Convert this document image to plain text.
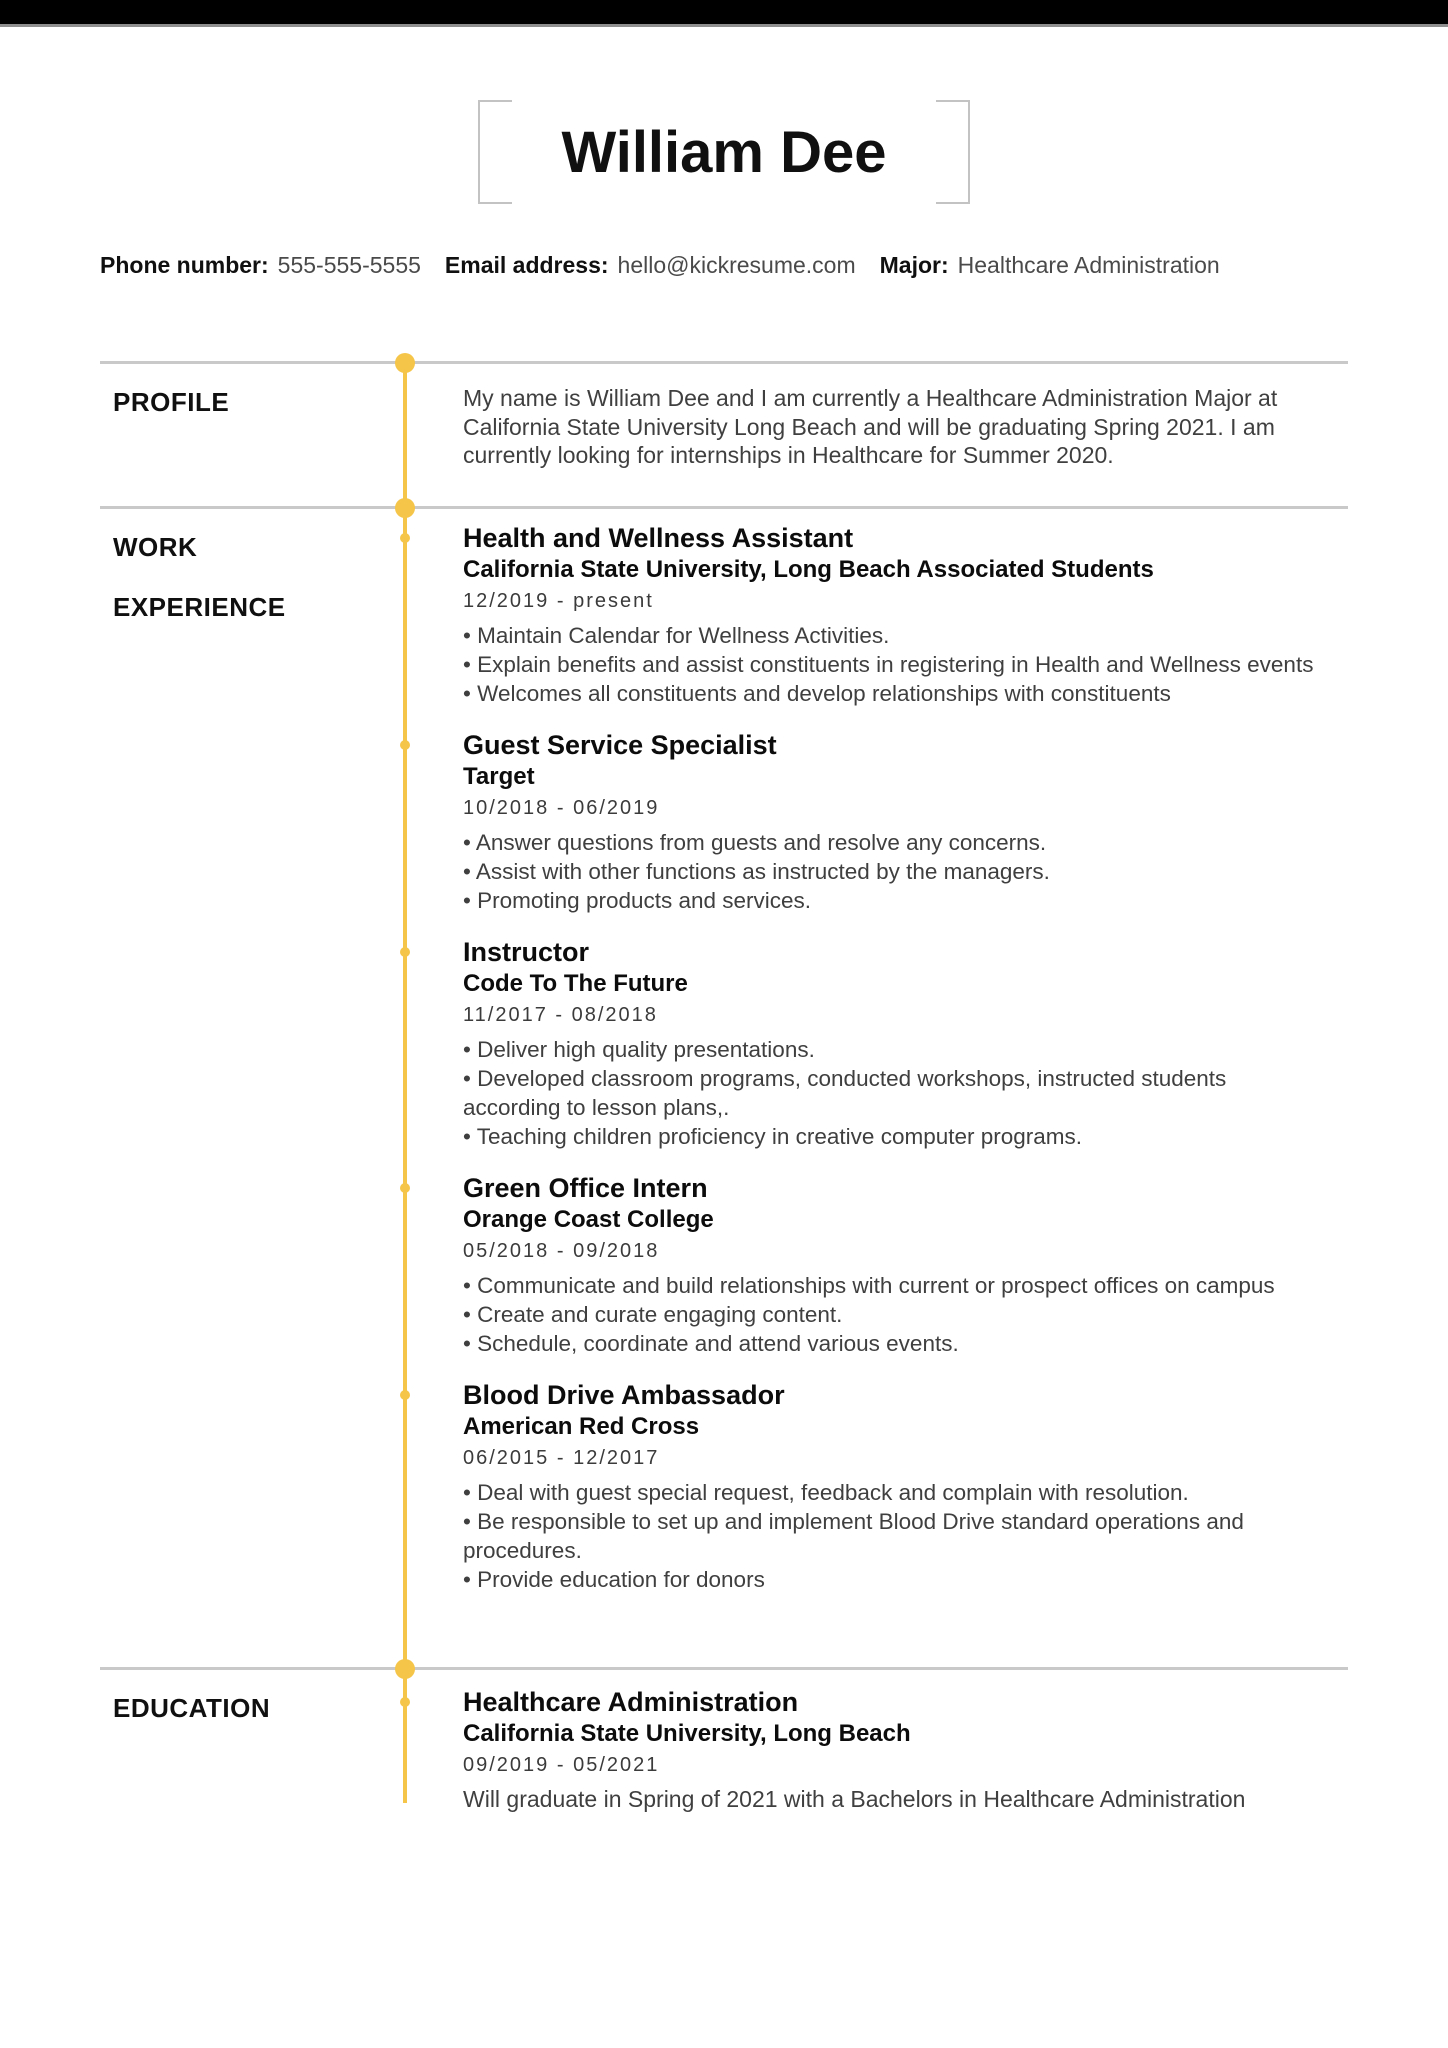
William Dee
Phone number: 555-555-5555 Email address: hello@kickresume.com Major: Healthcare Administration
PROFILE	My name is William Dee and I am currently a Healthcare Administration Major at California State University Long Beach and will be graduating Spring 2021. I am currently looking for internships in Healthcare for Summer 2020.

WORK EXPERIENCE
Health and Wellness Assistant
California State University, Long Beach Associated Students
12/2019 - present
• Maintain Calendar for Wellness Activities.
• Explain benefits and assist constituents in registering in Health and Wellness events
• Welcomes all constituents and develop relationships with constituents
Guest Service Specialist
Target
10/2018 - 06/2019
• Answer questions from guests and resolve any concerns.
• Assist with other functions as instructed by the managers.
• Promoting products and services.
Instructor
Code To The Future
11/2017 - 08/2018
• Deliver high quality presentations.
• Developed classroom programs, conducted workshops, instructed students according to lesson plans,.
• Teaching children proficiency in creative computer programs.
Green Office Intern
Orange Coast College
05/2018 - 09/2018
• Communicate and build relationships with current or prospect offices on campus
• Create and curate engaging content.
• Schedule, coordinate and attend various events.
Blood Drive Ambassador
American Red Cross
06/2015 - 12/2017
• Deal with guest special request, feedback and complain with resolution.
• Be responsible to set up and implement Blood Drive standard operations and procedures.
• Provide education for donors
EDUCATION	Healthcare Administration
California State University, Long Beach
09/2019 - 05/2021
Will graduate in Spring of 2021 with a Bachelors in Healthcare Administration
